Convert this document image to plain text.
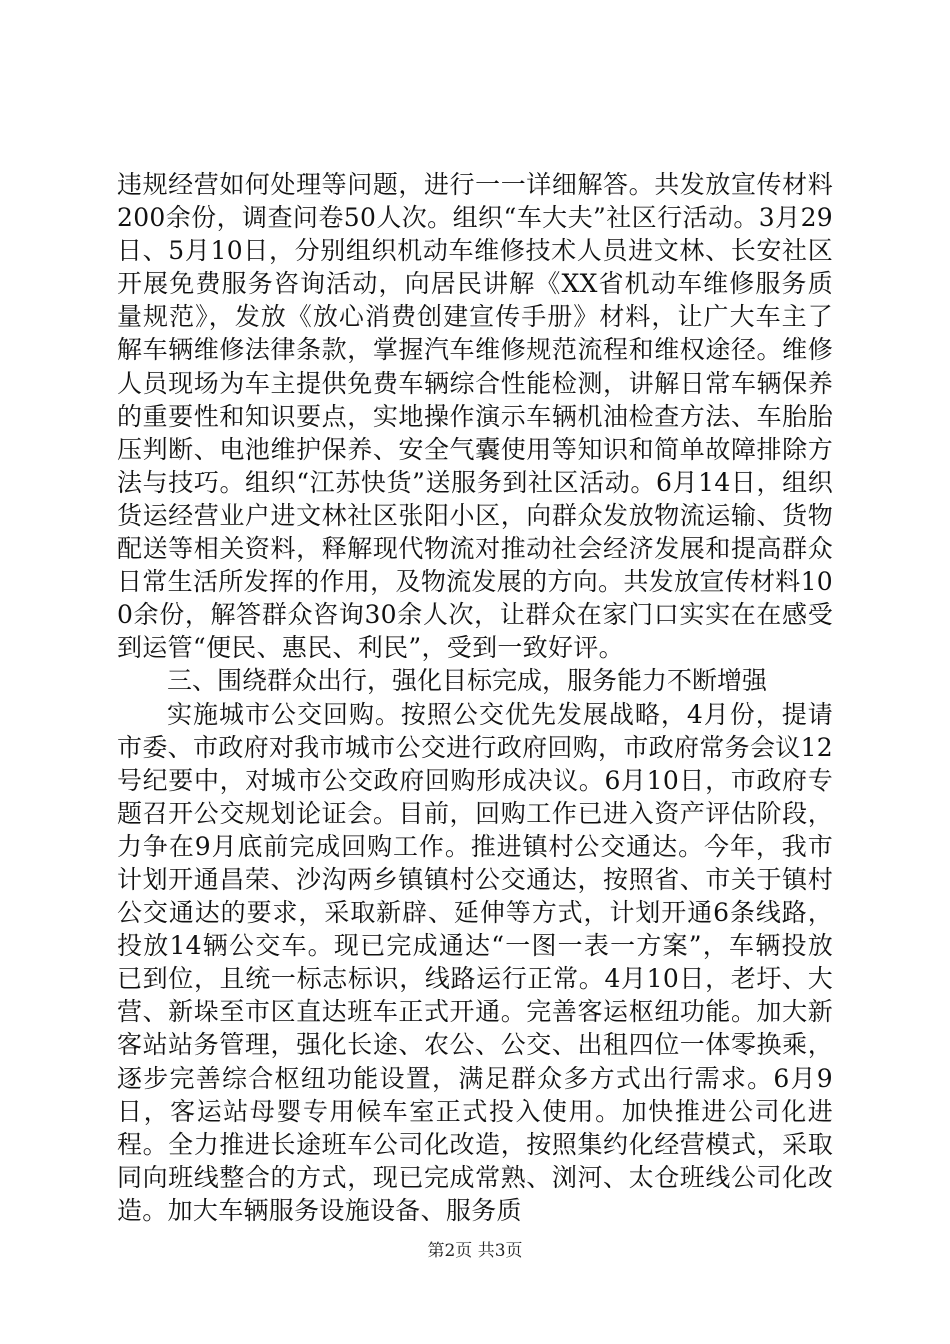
违规经营如何处理等问题，进行一一详细解答。共发放宣传材料200余份，调查问卷50人次。组织“车大夫”社区行活动。3月29日、5月10日，分别组织机动车维修技术人员进文林、长安社区开展免费服务咨询活动，向居民讲解《XX省机动车维修服务质量规范》，发放《放心消费创建宣传手册》材料，让广大车主了解车辆维修法律条款，掌握汽车维修规范流程和维权途径。维修人员现场为车主提供免费车辆综合性能检测，讲解日常车辆保养的重要性和知识要点，实地操作演示车辆机油检查方法、车胎胎压判断、电池维护保养、安全气囊使用等知识和简单故障排除方法与技巧。组织“江苏快货”送服务到社区活动。6月14日，组织货运经营业户进文林社区张阳小区，向群众发放物流运输、货物配送等相关资料，释解现代物流对推动社会经济发展和提高群众日常生活所发挥的作用，及物流发展的方向。共发放宣传材料100余份，解答群众咨询30余人次，让群众在家门口实实在在感受到运管“便民、惠民、利民”，受到一致好评。

三、围绕群众出行，强化目标完成，服务能力不断增强

实施城市公交回购。按照公交优先发展战略，4月份，提请市委、市政府对我市城市公交进行政府回购，市政府常务会议12号纪要中，对城市公交政府回购形成决议。6月10日，市政府专题召开公交规划论证会。目前，回购工作已进入资产评估阶段，力争在9月底前完成回购工作。推进镇村公交通达。今年，我市计划开通昌荣、沙沟两乡镇镇村公交通达，按照省、市关于镇村公交通达的要求，采取新辟、延伸等方式，计划开通6条线路，投放14辆公交车。现已完成通达“一图一表一方案”，车辆投放已到位，且统一标志标识，线路运行正常。4月10日，老圩、大营、新垛至市区直达班车正式开通。完善客运枢纽功能。加大新客站站务管理，强化长途、农公、公交、出租四位一体零换乘，逐步完善综合枢纽功能设置，满足群众多方式出行需求。6月9日，客运站母婴专用候车室正式投入使用。加快推进公司化进程。全力推进长途班车公司化改造，按照集约化经营模式，采取同向班线整合的方式，现已完成常熟、浏河、太仓班线公司化改造。加大车辆服务设施设备、服务质

第2页 共3页
